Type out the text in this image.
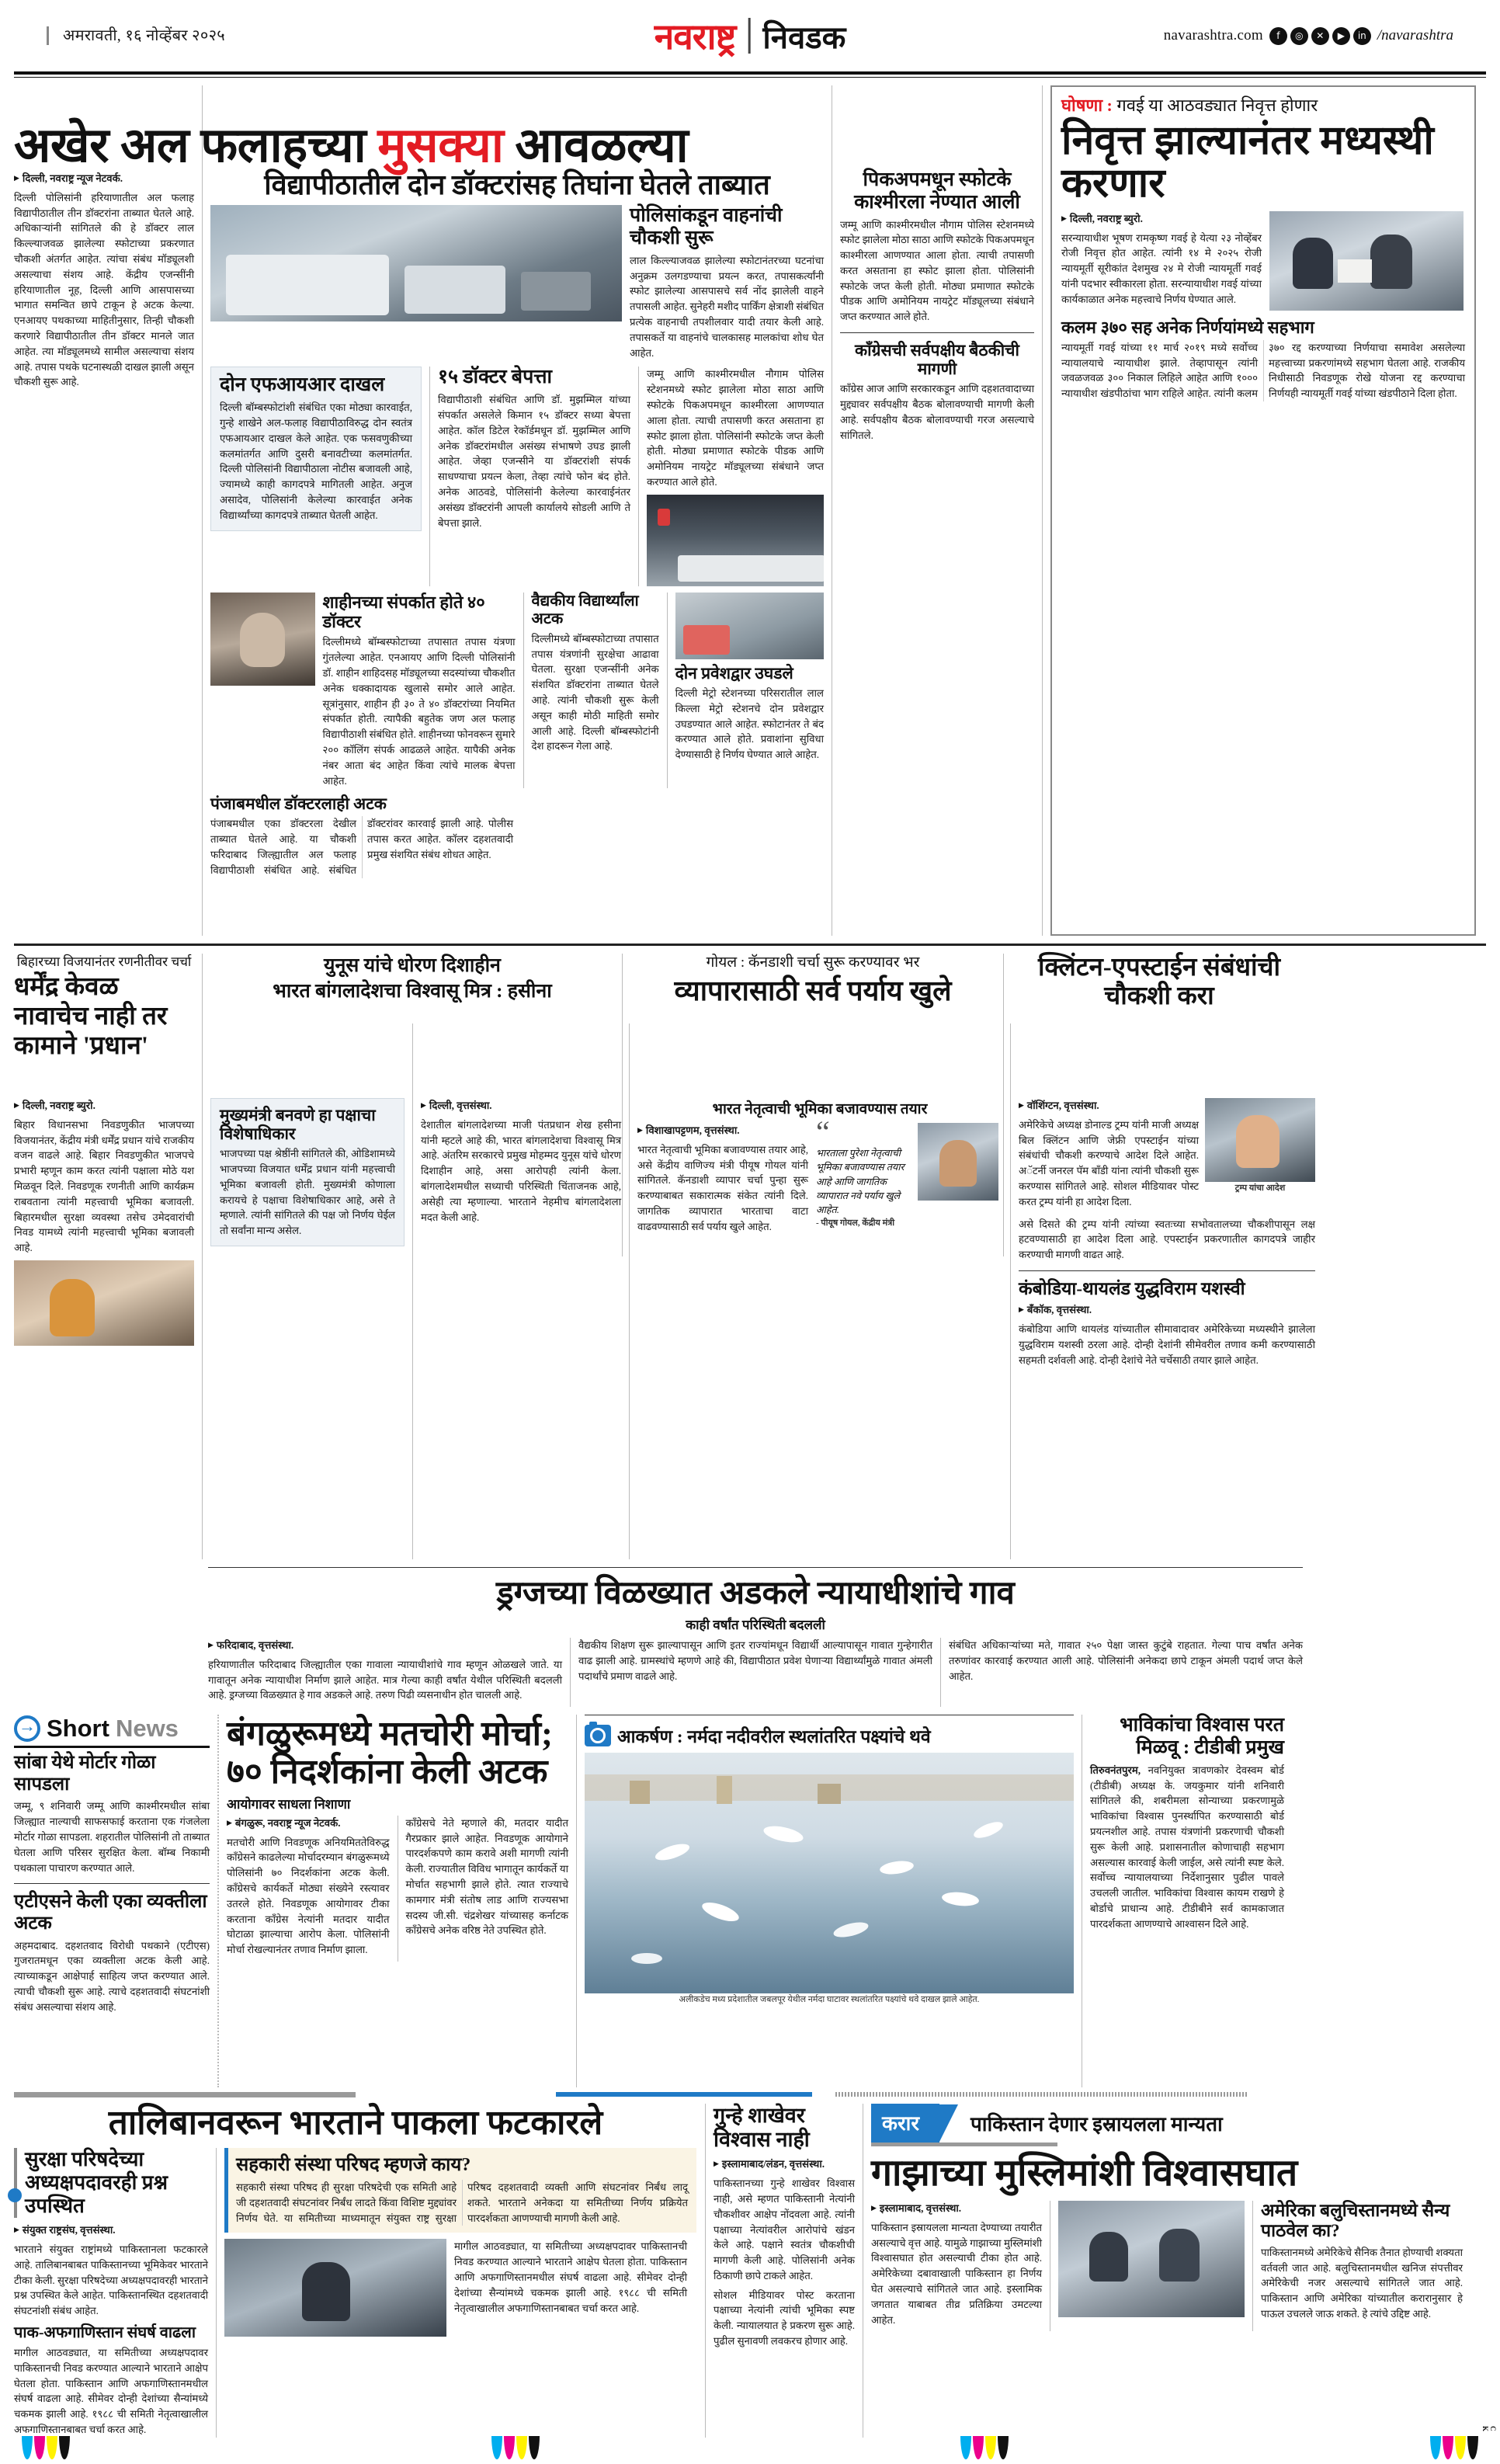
अमरावती, १६ नोव्हेंबर २०२५	नवराष्ट्र निवडक	navarashtra.com	f	◎	✕	▶	in /navarashtra
अखेर अल फलाहच्या मुसक्या आवळल्या

▶ दिल्ली, नवराष्ट्र न्यूज नेटवर्क.

दिल्ली पोलिसांनी हरियाणातील अल फलाह विद्यापीठातील तीन डॉक्टरांना ताब्यात घेतले आहे. अधिकाऱ्यांनी सांगितले की हे डॉक्टर लाल किल्ल्याजवळ झालेल्या स्फोटाच्या प्रकरणात चौकशी अंतर्गत आहेत. त्यांचा संबंध मॉड्यूलशी असल्याचा संशय आहे. केंद्रीय एजन्सींनी हरियाणातील नूह, दिल्ली आणि आसपासच्या भागात समन्वित छापे टाकून हे अटक केल्या. एनआयए पथकाच्या माहितीनुसार, तिन्ही चौकशी करणारे विद्यापीठातील तीन डॉक्टर मानले जात आहेत. त्या मॉड्यूलमध्ये सामील असल्याचा संशय आहे. तपास पथके घटनास्थळी दाखल झाली असून चौकशी सुरू आहे.

विद्यापीठातील दोन डॉक्टरांसह तिघांना घेतले ताब्यात
पोलिसांकडून वाहनांची चौकशी सुरू
लाल किल्ल्याजवळ झालेल्या स्फोटानंतरच्या घटनांचा अनुक्रम उलगडण्याचा प्रयत्न करत, तपासकर्त्यांनी स्फोट झालेल्या आसपासचे सर्व नोंद झालेली वाहने तपासली आहेत. सुनेहरी मशीद पार्किंग क्षेत्राशी संबंधित प्रत्येक वाहनाची तपशीलवार यादी तयार केली आहे. तपासकर्ते या वाहनांचे चालकासह मालकांचा शोध घेत आहेत.
दोन एफआयआर दाखल
दिल्ली बॉम्बस्फोटांशी संबंधित एका मोठ्या कारवाईत, गुन्हे शाखेने अल-फलाह विद्यापीठाविरुद्ध दोन स्वतंत्र एफआयआर दाखल केले आहेत. एक फसवणुकीच्या कलमांतर्गत आणि दुसरी बनावटीच्या कलमांतर्गत. दिल्ली पोलिसांनी विद्यापीठाला नोटीस बजावली आहे, ज्यामध्ये काही कागदपत्रे मागितली आहेत. अनुज असादेव, पोलिसांनी केलेल्या कारवाईत अनेक विद्यार्थ्यांच्या कागदपत्रे ताब्यात घेतली आहेत.
१५ डॉक्टर बेपत्ता
विद्यापीठाशी संबंधित आणि डॉ. मुझम्मिल यांच्या संपर्कात असलेले किमान १५ डॉक्टर सध्या बेपत्ता आहेत. कॉल डिटेल रेकॉर्डमधून डॉ. मुझम्मिल आणि अनेक डॉक्टरांमधील असंख्य संभाषणे उघड झाली आहेत. जेव्हा एजन्सीने या डॉक्टरांशी संपर्क साधण्याचा प्रयत्न केला, तेव्हा त्यांचे फोन बंद होते. अनेक आठवडे, पोलिसांनी केलेल्या कारवाईनंतर असंख्य डॉक्टरांनी आपली कार्यालये सोडली आणि ते बेपत्ता झाले.
जम्मू आणि काश्मीरमधील नौगाम पोलिस स्टेशनमध्ये स्फोट झालेला मोठा साठा आणि स्फोटके पिकअपमधून काश्मीरला आणण्यात आला होता. त्याची तपासणी करत असताना हा स्फोट झाला होता. पोलिसांनी स्फोटके जप्त केली होती. मोठ्या प्रमाणात स्फोटके पीडक आणि अमोनियम नायट्रेट मॉड्यूलच्या संबंधाने जप्त करण्यात आले होते.
शाहीनच्या संपर्कात होते ४० डॉक्टर
दिल्लीमध्ये बॉम्बस्फोटाच्या तपासात तपास यंत्रणा गुंतलेल्या आहेत. एनआयए आणि दिल्ली पोलिसांनी डॉ. शाहीन शाहिदसह मॉड्यूलच्या सदस्यांच्या चौकशीत अनेक धक्कादायक खुलासे समोर आले आहेत. सूत्रांनुसार, शाहीन ही ३० ते ४० डॉक्टरांच्या नियमित संपर्कात होती. त्यापैकी बहुतेक जण अल फलाह विद्यापीठाशी संबंधित होते. शाहीनच्या फोनवरून सुमारे २०० कॉलिंग संपर्क आढळले आहेत. यापैकी अनेक नंबर आता बंद आहेत किंवा त्यांचे मालक बेपत्ता आहेत.
वैद्यकीय विद्यार्थ्यांला अटक
दिल्लीमध्ये बॉम्बस्फोटाच्या तपासात तपास यंत्रणांनी सुरक्षेचा आढावा घेतला. सुरक्षा एजन्सींनी अनेक संशयित डॉक्टरांना ताब्यात घेतले आहे. त्यांनी चौकशी सुरू केली असून काही मोठी माहिती समोर आली आहे. दिल्ली बॉम्बस्फोटांनी देश हादरून गेला आहे.
दोन प्रवेशद्वार उघडले
दिल्ली मेट्रो स्टेशनच्या परिसरातील लाल किल्ला मेट्रो स्टेशनचे दोन प्रवेशद्वार उघडण्यात आले आहेत. स्फोटानंतर ते बंद करण्यात आले होते. प्रवाशांना सुविधा देण्यासाठी हे निर्णय घेण्यात आले आहेत.
पंजाबमधील डॉक्टरलाही अटक
पंजाबमधील एका डॉक्टरला देखील ताब्यात घेतले आहे. या चौकशी फरिदाबाद जिल्ह्यातील अल फलाह विद्यापीठाशी संबंधित आहे. संबंधित डॉक्टरांवर कारवाई झाली आहे. पोलीस तपास करत आहेत. कॉलर दहशतवादी प्रमुख संशयित संबंध शोधत आहेत.
पिकअपमधून स्फोटके काश्मीरला नेण्यात आली
जम्मू आणि काश्मीरमधील नौगाम पोलिस स्टेशनमध्ये स्फोट झालेला मोठा साठा आणि स्फोटके पिकअपमधून काश्मीरला आणण्यात आला होता. त्याची तपासणी करत असताना हा स्फोट झाला होता. पोलिसांनी स्फोटके जप्त केली होती. मोठ्या प्रमाणात स्फोटके पीडक आणि अमोनियम नायट्रेट मॉड्यूलच्या संबंधाने जप्त करण्यात आले होते.
काँग्रेसची सर्वपक्षीय बैठकीची मागणी
काँग्रेस आज आणि सरकारकडून आणि दहशतवादाच्या मुद्द्यावर सर्वपक्षीय बैठक बोलावण्याची मागणी केली आहे. सर्वपक्षीय बैठक बोलावण्याची गरज असल्याचे सांगितले.
घोषणा : गवई या आठवड्यात निवृत्त होणार
निवृत्त झाल्यानंतर मध्यस्थी करणार

▶ दिल्ली, नवराष्ट्र ब्युरो.

सरन्यायाधीश भूषण रामकृष्ण गवई हे येत्या २३ नोव्हेंबर रोजी निवृत्त होत आहेत. त्यांनी १४ मे २०२५ रोजी न्यायमूर्ती सूरीकांत देशमुख २४ मे रोजी न्यायमूर्ती गवई यांनी पदभार स्वीकारला होता. सरन्यायाधीश गवई यांच्या कार्यकाळात अनेक महत्त्वाचे निर्णय घेण्यात आले.

कलम ३७० सह अनेक निर्णयांमध्ये सहभाग
न्यायमूर्ती गवई यांच्या ११ मार्च २०१९ मध्ये सर्वोच्च न्यायालयाचे न्यायाधीश झाले. तेव्हापासून त्यांनी जवळजवळ ३०० निकाल लिहिले आहेत आणि १००० न्यायाधीश खंडपीठांचा भाग राहिले आहेत. त्यांनी कलम ३७० रद्द करण्याच्या निर्णयाचा समावेश असलेल्या महत्त्वाच्या प्रकरणांमध्ये सहभाग घेतला आहे. राजकीय निधीसाठी निवडणूक रोखे योजना रद्द करण्याचा निर्णयही न्यायमूर्ती गवई यांच्या खंडपीठाने दिला होता.
बिहारच्या विजयानंतर रणनीतीवर चर्चा
धर्मेंद्र केवळ नावाचेच नाही तर कामाने 'प्रधान'
युनूस यांचे धोरण दिशाहीन
भारत बांगलादेशचा विश्वासू मित्र : हसीना
गोयल : कॅनडाशी चर्चा सुरू करण्यावर भर
व्यापारासाठी सर्व पर्याय खुले
क्लिंटन-एपस्टाईन संबंधांची चौकशी करा

▶ दिल्ली, नवराष्ट्र ब्युरो.

बिहार विधानसभा निवडणुकीत भाजपच्या विजयानंतर, केंद्रीय मंत्री धर्मेंद्र प्रधान यांचे राजकीय वजन वाढले आहे. बिहार निवडणुकीत भाजपचे प्रभारी म्हणून काम करत त्यांनी पक्षाला मोठे यश मिळवून दिले. निवडणूक रणनीती आणि कार्यक्रम राबवताना त्यांनी महत्त्वाची भूमिका बजावली. बिहारमधील सुरक्षा व्यवस्था तसेच उमेदवारांची निवड यामध्ये त्यांनी महत्त्वाची भूमिका बजावली आहे.

मुख्यमंत्री बनवणे हा पक्षाचा विशेषाधिकार
भाजपच्या पक्ष श्रेष्ठींनी सांगितले की, ओडिशामध्ये भाजपच्या विजयात धर्मेंद्र प्रधान यांनी महत्त्वाची भूमिका बजावली होती. मुख्यमंत्री कोणाला करायचे हे पक्षाचा विशेषाधिकार आहे, असे ते म्हणाले. त्यांनी सांगितले की पक्ष जो निर्णय घेईल तो सर्वांना मान्य असेल.

▶ दिल्ली, वृत्तसंस्था.

देशातील बांगलादेशच्या माजी पंतप्रधान शेख हसीना यांनी म्हटले आहे की, भारत बांगलादेशचा विश्वासू मित्र आहे. अंतरिम सरकारचे प्रमुख मोहम्मद युनूस यांचे धोरण दिशाहीन आहे, असा आरोपही त्यांनी केला. बांगलादेशमधील सध्याची परिस्थिती चिंताजनक आहे, असेही त्या म्हणाल्या. भारताने नेहमीच बांगलादेशला मदत केली आहे.

भारत नेतृत्वाची भूमिका बजावण्यास तयार

▶ विशाखापट्टणम, वृत्तसंस्था.

भारत नेतृत्वाची भूमिका बजावण्यास तयार आहे, असे केंद्रीय वाणिज्य मंत्री पीयूष गोयल यांनी सांगितले. कॅनडाशी व्यापार चर्चा पुन्हा सुरू करण्याबाबत सकारात्मक संकेत त्यांनी दिले. जागतिक व्यापारात भारताचा वाटा वाढवण्यासाठी सर्व पर्याय खुले आहेत.

“
भारताला पुरेशा नेतृत्वाची भूमिका बजावण्यास तयार आहे आणि जागतिक व्यापारात नवे पर्याय खुले आहेत.
- पीयूष गोयल, केंद्रीय मंत्री

▶ वॉशिंग्टन, वृत्तसंस्था.

अमेरिकेचे अध्यक्ष डोनाल्ड ट्रम्प यांनी माजी अध्यक्ष बिल क्लिंटन आणि जेफ्री एपस्टाईन यांच्या संबंधांची चौकशी करण्याचे आदेश दिले आहेत. अॅटर्नी जनरल पॅम बाँडी यांना त्यांनी चौकशी सुरू करण्यास सांगितले आहे. सोशल मीडियावर पोस्ट करत ट्रम्प यांनी हा आदेश दिला.

ट्रम्प यांचा आदेश
असे दिसते की ट्रम्प यांनी त्यांच्या स्वतःच्या सभोवतालच्या चौकशीपासून लक्ष हटवण्यासाठी हा आदेश दिला आहे. एपस्टाईन प्रकरणातील कागदपत्रे जाहीर करण्याची मागणी वाढत आहे.
कंबोडिया-थायलंड युद्धविराम यशस्वी

▶ बँकॉक, वृत्तसंस्था.

कंबोडिया आणि थायलंड यांच्यातील सीमावादावर अमेरिकेच्या मध्यस्थीने झालेला युद्धविराम यशस्वी ठरला आहे. दोन्ही देशांनी सीमेवरील तणाव कमी करण्यासाठी सहमती दर्शवली आहे. दोन्ही देशांचे नेते चर्चेसाठी तयार झाले आहेत.

ड्रग्जच्या विळख्यात अडकले न्यायाधीशांचे गाव
काही वर्षांत परिस्थिती बदलली

▶ फरिदाबाद, वृत्तसंस्था.

हरियाणातील फरिदाबाद जिल्ह्यातील एका गावाला न्यायाधीशांचे गाव म्हणून ओळखले जाते. या गावातून अनेक न्यायाधीश निर्माण झाले आहेत. मात्र गेल्या काही वर्षांत येथील परिस्थिती बदलली आहे. ड्रग्जच्या विळख्यात हे गाव अडकले आहे. तरुण पिढी व्यसनाधीन होत चालली आहे.

वैद्यकीय शिक्षण सुरू झाल्यापासून आणि इतर राज्यांमधून विद्यार्थी आल्यापासून गावात गुन्हेगारीत वाढ झाली आहे. ग्रामस्थांचे म्हणणे आहे की, विद्यापीठात प्रवेश घेणाऱ्या विद्यार्थ्यांमुळे गावात अंमली पदार्थांचे प्रमाण वाढले आहे.
संबंधित अधिकाऱ्यांच्या मते, गावात २५० पेक्षा जास्त कुटुंबे राहतात. गेल्या पाच वर्षांत अनेक तरुणांवर कारवाई करण्यात आली आहे. पोलिसांनी अनेकदा छापे टाकून अंमली पदार्थ जप्त केले आहेत.
→
Short News
सांबा येथे मोर्टार गोळा सापडला
जम्मू, ९ शनिवारी जम्मू आणि काश्मीरमधील सांबा जिल्ह्यात नाल्याची साफसफाई करताना एक गंजलेला मोर्टार गोळा सापडला. शहरातील पोलिसांनी तो ताब्यात घेतला आणि परिसर सुरक्षित केला. बॉम्ब निकामी पथकाला पाचारण करण्यात आले.
एटीएसने केली एका व्यक्तीला अटक
अहमदाबाद. दहशतवाद विरोधी पथकाने (एटीएस) गुजरातमधून एका व्यक्तीला अटक केली आहे. त्याच्याकडून आक्षेपार्ह साहित्य जप्त करण्यात आले. त्याची चौकशी सुरू आहे. त्याचे दहशतवादी संघटनांशी संबंध असल्याचा संशय आहे.
बंगळुरूमध्ये मतचोरी मोर्चा;
७० निदर्शकांना केली अटक
आयोगावर साधला निशाणा

▶ बंगळुरू, नवराष्ट्र न्यूज नेटवर्क.

मतचोरी आणि निवडणूक अनियमिततेविरुद्ध काँग्रेसने काढलेल्या मोर्चादरम्यान बंगळुरूमध्ये पोलिसांनी ७० निदर्शकांना अटक केली. काँग्रेसचे कार्यकर्ते मोठ्या संख्येने रस्त्यावर उतरले होते. निवडणूक आयोगावर टीका करताना काँग्रेस नेत्यांनी मतदार यादीत घोटाळा झाल्याचा आरोप केला. पोलिसांनी मोर्चा रोखल्यानंतर तणाव निर्माण झाला.

काँग्रेसचे नेते म्हणाले की, मतदार यादीत गैरप्रकार झाले आहेत. निवडणूक आयोगाने पारदर्शकपणे काम करावे अशी मागणी त्यांनी केली. राज्यातील विविध भागातून कार्यकर्ते या मोर्चात सहभागी झाले होते. त्यात राज्याचे कामगार मंत्री संतोष लाड आणि राज्यसभा सदस्य जी.सी. चंद्रशेखर यांच्यासह कर्नाटक काँग्रेसचे अनेक वरिष्ठ नेते उपस्थित होते.
आकर्षण : नर्मदा नदीवरील स्थलांतरित पक्ष्यांचे थवे
अलीकडेच मध्य प्रदेशातील जबलपूर येथील नर्मदा घाटावर स्थलांतरित पक्ष्यांचे थवे दाखल झाले आहेत.
भाविकांचा विश्वास परत मिळवू : टीडीबी प्रमुख

तिरुवनंतपुरम, नवनियुक्त त्रावणकोर देवस्वम बोर्ड (टीडीबी) अध्यक्ष के. जयकुमार यांनी शनिवारी सांगितले की, शबरीमला सोन्याच्या प्रकरणामुळे भाविकांचा विश्वास पुनर्स्थापित करण्यासाठी बोर्ड प्रयत्नशील आहे. तपास यंत्रणांनी प्रकरणाची चौकशी सुरू केली आहे. प्रशासनातील कोणाचाही सहभाग असल्यास कारवाई केली जाईल, असे त्यांनी स्पष्ट केले. सर्वोच्च न्यायालयाच्या निर्देशानुसार पुढील पावले उचलली जातील. भाविकांचा विश्वास कायम राखणे हे बोर्डाचे प्राधान्य आहे. टीडीबीने सर्व कामकाजात पारदर्शकता आणण्याचे आश्वासन दिले आहे.

तालिबानवरून भारताने पाकला फटकारले
सुरक्षा परिषदेच्या अध्यक्षपदावरही प्रश्न उपस्थित

▶ संयुक्त राष्ट्रसंघ, वृत्तसंस्था.

भारताने संयुक्त राष्ट्रांमध्ये पाकिस्तानला फटकारले आहे. तालिबानबाबत पाकिस्तानच्या भूमिकेवर भारताने टीका केली. सुरक्षा परिषदेच्या अध्यक्षपदावरही भारताने प्रश्न उपस्थित केले आहेत. पाकिस्तानस्थित दहशतवादी संघटनांशी संबंध आहेत.

पाक-अफगाणिस्तान संघर्ष वाढला
मागील आठवड्यात, या समितीच्या अध्यक्षपदावर पाकिस्तानची निवड करण्यात आल्याने भारताने आक्षेप घेतला होता. पाकिस्तान आणि अफगाणिस्तानमधील संघर्ष वाढला आहे. सीमेवर दोन्ही देशांच्या सैन्यांमध्ये चकमक झाली आहे. १९८८ ची समिती नेतृत्वाखालील अफगाणिस्तानबाबत चर्चा करत आहे.
सहकारी संस्था परिषद म्हणजे काय?
सहकारी संस्था परिषद ही सुरक्षा परिषदेची एक समिती आहे जी दहशतवादी संघटनांवर निर्बंध लादते किंवा विशिष्ट मुद्द्यांवर निर्णय घेते. या समितीच्या माध्यमातून संयुक्त राष्ट्र सुरक्षा परिषद दहशतवादी व्यक्ती आणि संघटनांवर निर्बंध लादू शकते. भारताने अनेकदा या समितीच्या निर्णय प्रक्रियेत पारदर्शकता आणण्याची मागणी केली आहे.
मागील आठवड्यात, या समितीच्या अध्यक्षपदावर पाकिस्तानची निवड करण्यात आल्याने भारताने आक्षेप घेतला होता. पाकिस्तान आणि अफगाणिस्तानमधील संघर्ष वाढला आहे. सीमेवर दोन्ही देशांच्या सैन्यांमध्ये चकमक झाली आहे. १९८८ ची समिती नेतृत्वाखालील अफगाणिस्तानबाबत चर्चा करत आहे.
गुन्हे शाखेवर
विश्वास नाही

▶ इस्लामाबाद/लंडन, वृत्तसंस्था.

पाकिस्तानच्या गुन्हे शाखेवर विश्वास नाही, असे म्हणत पाकिस्तानी नेत्यांनी चौकशीवर आक्षेप नोंदवला आहे. त्यांनी पक्षाच्या नेत्यांवरील आरोपांचे खंडन केले आहे. पक्षाने स्वतंत्र चौकशीची मागणी केली आहे. पोलिसांनी अनेक ठिकाणी छापे टाकले आहेत.

सोशल मीडियावर पोस्ट करताना पक्षाच्या नेत्यांनी त्यांची भूमिका स्पष्ट केली. न्यायालयात हे प्रकरण सुरू आहे. पुढील सुनावणी लवकरच होणार आहे.

करार	पाकिस्तान देणार इस्रायलला मान्यता
गाझाच्या मुस्लिमांशी विश्वासघात

▶ इस्लामाबाद, वृत्तसंस्था.

पाकिस्तान इस्रायलला मान्यता देण्याच्या तयारीत असल्याचे वृत्त आहे. यामुळे गाझाच्या मुस्लिमांशी विश्वासघात होत असल्याची टीका होत आहे. अमेरिकेच्या दबावाखाली पाकिस्तान हा निर्णय घेत असल्याचे सांगितले जात आहे. इस्लामिक जगतात याबाबत तीव्र प्रतिक्रिया उमटल्या आहेत.

अमेरिका बलुचिस्तानमध्ये सैन्य पाठवेल का?
पाकिस्तानमध्ये अमेरिकेचे सैनिक तैनात होण्याची शक्यता वर्तवली जात आहे. बलुचिस्तानमधील खनिज संपत्तीवर अमेरिकेची नजर असल्याचे सांगितले जात आहे. पाकिस्तान आणि अमेरिका यांच्यातील करारानुसार हे पाऊल उचलले जाऊ शकते. हे त्यांचे उद्दिष्ट आहे.
C
K
